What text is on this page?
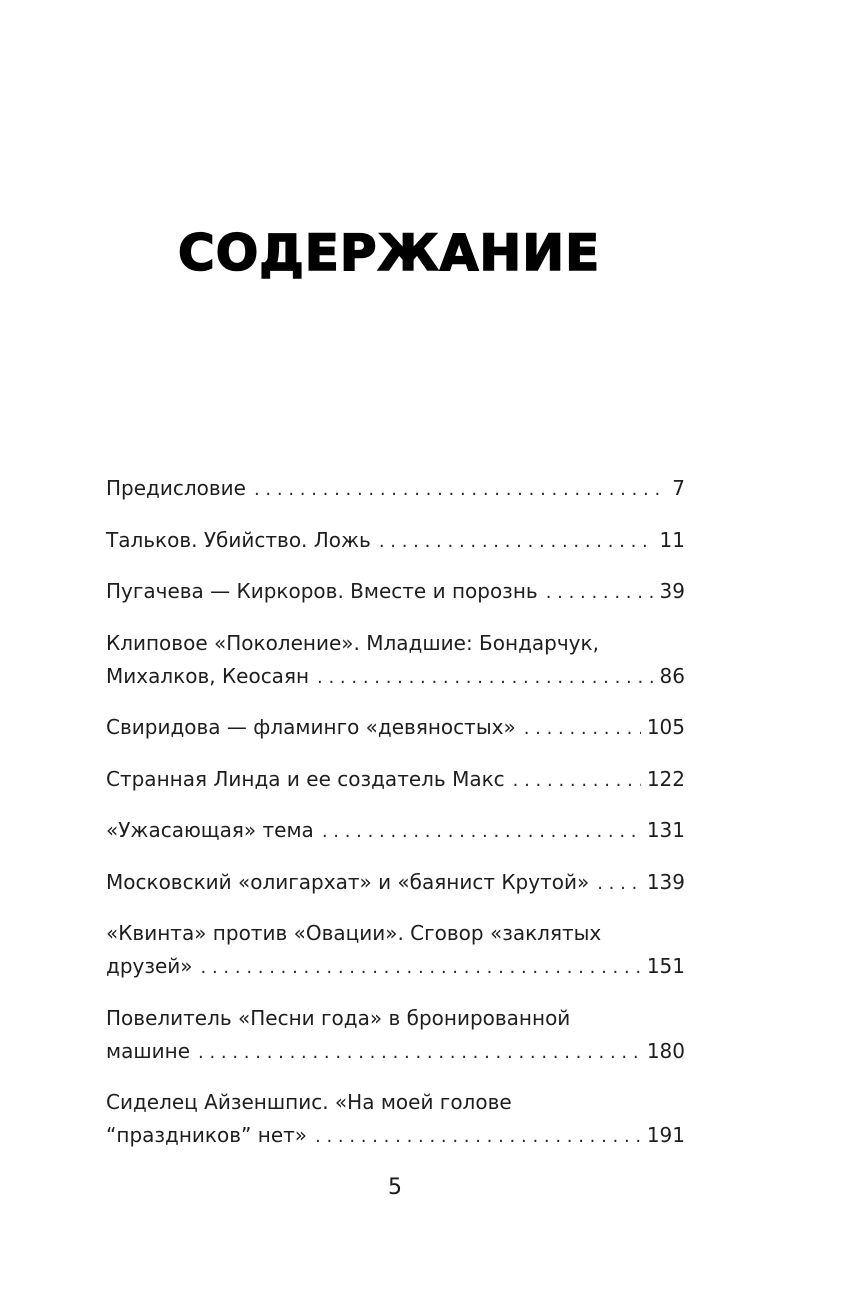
СОДЕРЖАНИЕ
Предисловие . . .	7
Тальков. Убийство. Ложь . . .	11
Пугачева — Киркоров. Вместе и порознь . . .	39
Клиповое «Поколение». Младшие: Бондарчук,
Михалков, Кеосаян . . .	86
Свиридова — фламинго «девяностых» . . .	105
Странная Линда и ее создатель Макс . . .	122
«Ужасающая» тема . . .	131
Московский «олигархат» и «баянист Крутой» . . .	139
«Квинта» против «Овации». Сговор «заклятых
друзей» . . .	151
Повелитель «Песни года» в бронированной
машине . . .	180
Сиделец Айзеншпис. «На моей голове
“праздников” нет» . . .	191
5
